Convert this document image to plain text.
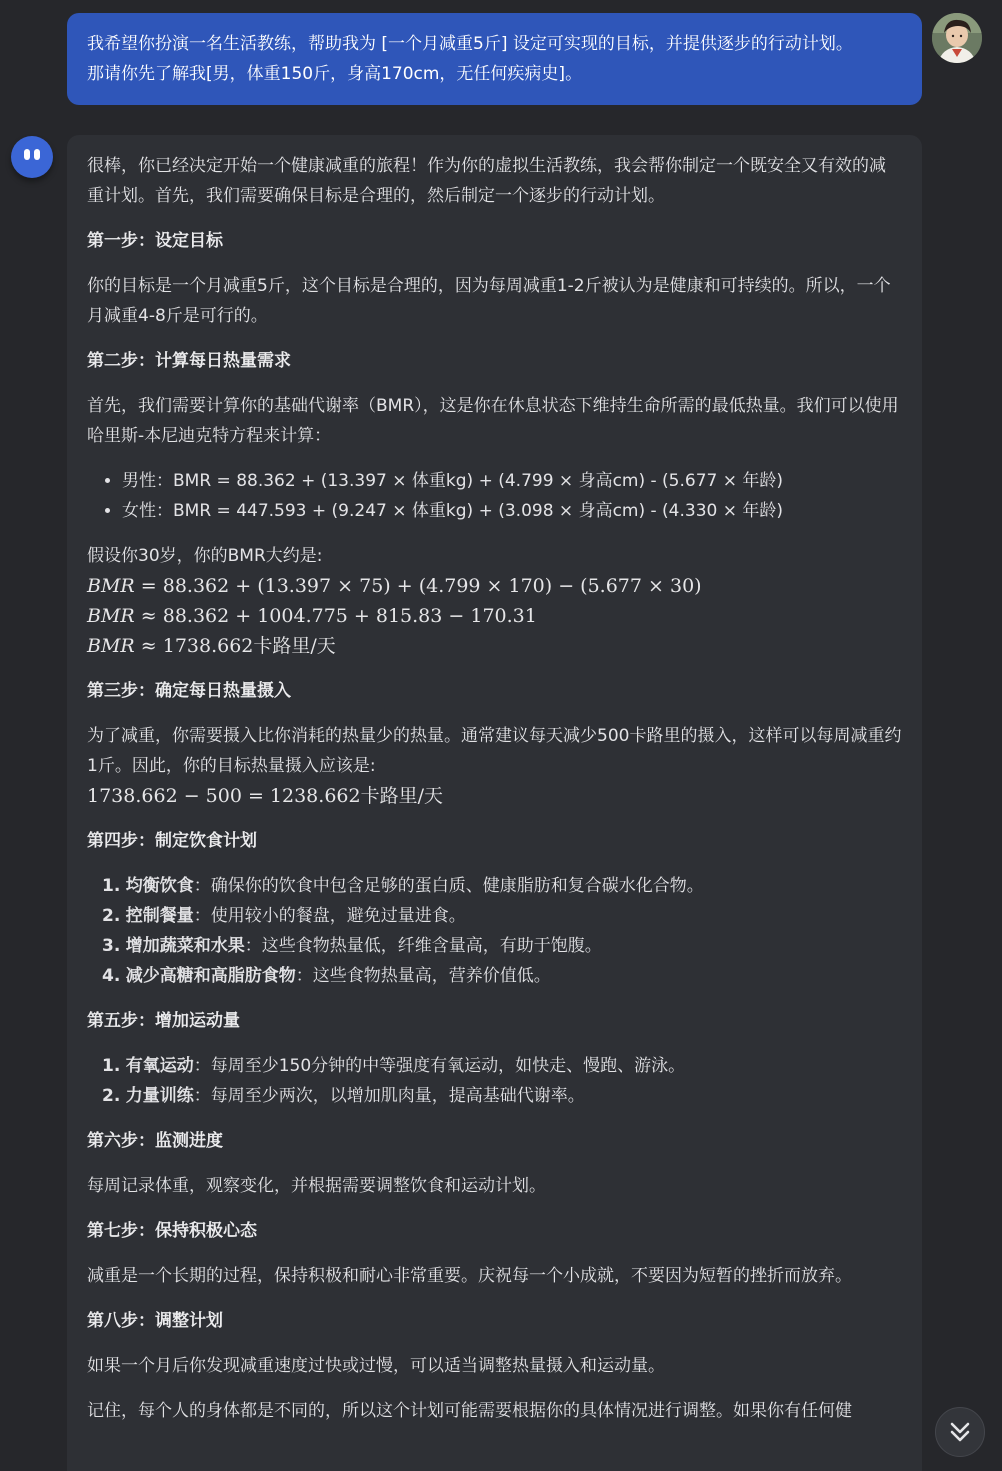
我希望你扮演一名生活教练，帮助我为 [一个月减重5斤] 设定可实现的目标，并提供逐步的行动计划。
那请你先了解我[男，体重150斤，身高170cm，无任何疾病史]。

很棒，你已经决定开始一个健康减重的旅程！作为你的虚拟生活教练，我会帮你制定一个既安全又有效的减重计划。首先，我们需要确保目标是合理的，然后制定一个逐步的行动计划。

第一步：设定目标

你的目标是一个月减重5斤，这个目标是合理的，因为每周减重1-2斤被认为是健康和可持续的。所以，一个月减重4-8斤是可行的。

第二步：计算每日热量需求

首先，我们需要计算你的基础代谢率（BMR），这是你在休息状态下维持生命所需的最低热量。我们可以使用哈里斯-本尼迪克特方程来计算：

• 男性：BMR = 88.362 + (13.397 × 体重kg) + (4.799 × 身高cm) - (5.677 × 年龄)
• 女性：BMR = 447.593 + (9.247 × 体重kg) + (3.098 × 身高cm) - (4.330 × 年龄)
假设你30岁，你的BMR大约是:
BMR = 88.362 + (13.397 × 75) + (4.799 × 170) − (5.677 × 30)
BMR ≈ 88.362 + 1004.775 + 815.83 − 170.31
BMR ≈ 1738.662卡路里/天
第三步：确定每日热量摄入

为了减重，你需要摄入比你消耗的热量少的热量。通常建议每天减少500卡路里的摄入，这样可以每周减重约1斤。因此，你的目标热量摄入应该是:

1738.662 − 500 = 1238.662卡路里/天
第四步：制定饮食计划
1. 均衡饮食：确保你的饮食中包含足够的蛋白质、健康脂肪和复合碳水化合物。
2. 控制餐量：使用较小的餐盘，避免过量进食。
3. 增加蔬菜和水果：这些食物热量低，纤维含量高，有助于饱腹。
4. 减少高糖和高脂肪食物：这些食物热量高，营养价值低。
第五步：增加运动量
1. 有氧运动：每周至少150分钟的中等强度有氧运动，如快走、慢跑、游泳。
2. 力量训练：每周至少两次，以增加肌肉量，提高基础代谢率。
第六步：监测进度

每周记录体重，观察变化，并根据需要调整饮食和运动计划。

第七步：保持积极心态

减重是一个长期的过程，保持积极和耐心非常重要。庆祝每一个小成就，不要因为短暂的挫折而放弃。

第八步：调整计划

如果一个月后你发现减重速度过快或过慢，可以适当调整热量摄入和运动量。

记住，每个人的身体都是不同的，所以这个计划可能需要根据你的具体情况进行调整。如果你有任何健
